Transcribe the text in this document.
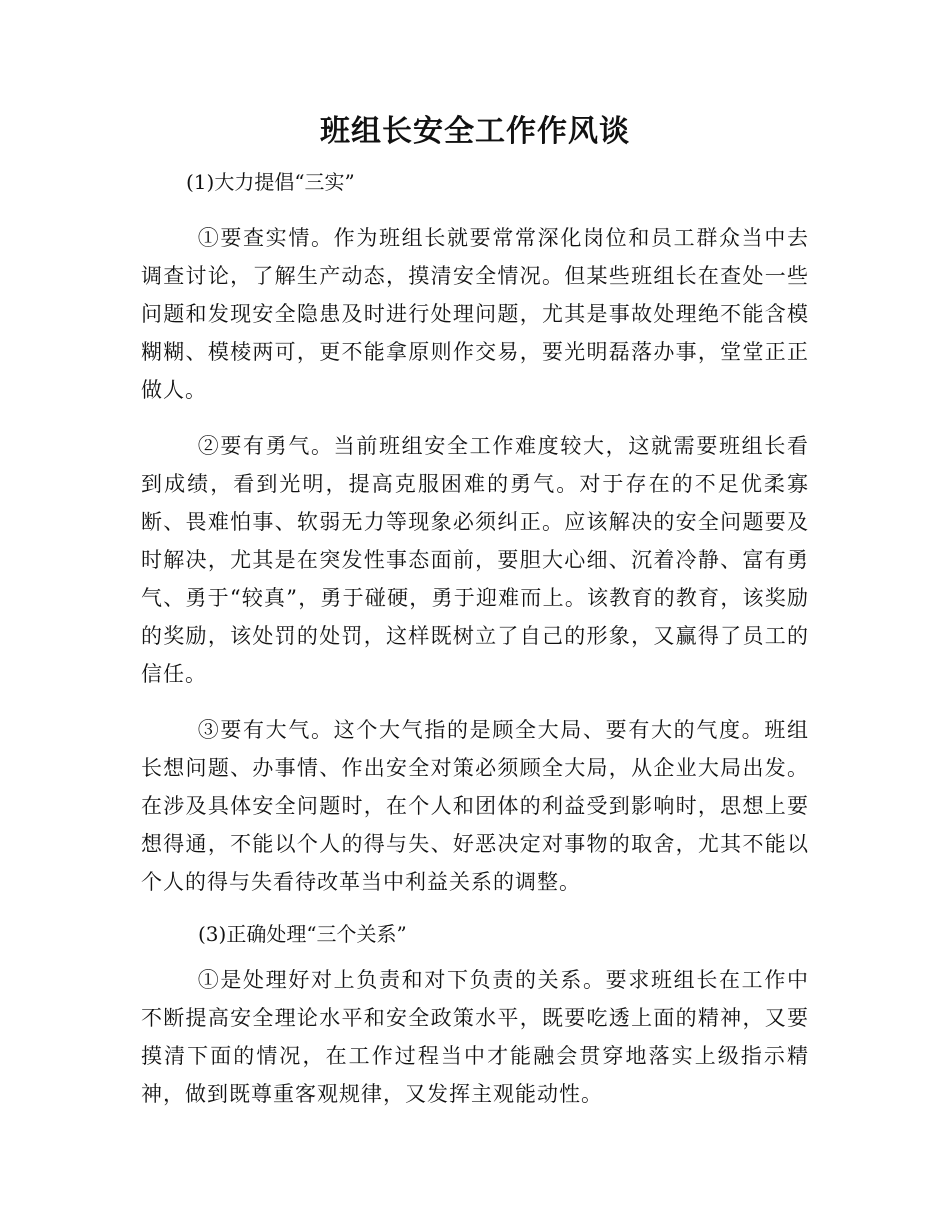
班组长安全工作作风谈

(1)大力提倡“三实”

①要查实情。作为班组长就要常常深化岗位和员工群众当中去调查讨论，了解生产动态，摸清安全情况。但某些班组长在查处一些问题和发现安全隐患及时进行处理问题，尤其是事故处理绝不能含模糊糊、模棱两可，更不能拿原则作交易，要光明磊落办事，堂堂正正做人。

②要有勇气。当前班组安全工作难度较大，这就需要班组长看到成绩，看到光明，提高克服困难的勇气。对于存在的不足优柔寡断、畏难怕事、软弱无力等现象必须纠正。应该解决的安全问题要及时解决，尤其是在突发性事态面前，要胆大心细、沉着冷静、富有勇气、勇于“较真”，勇于碰硬，勇于迎难而上。该教育的教育，该奖励的奖励，该处罚的处罚，这样既树立了自己的形象，又赢得了员工的信任。

③要有大气。这个大气指的是顾全大局、要有大的气度。班组长想问题、办事情、作出安全对策必须顾全大局，从企业大局出发。在涉及具体安全问题时，在个人和团体的利益受到影响时，思想上要想得通，不能以个人的得与失、好恶决定对事物的取舍，尤其不能以个人的得与失看待改革当中利益关系的调整。

(3)正确处理“三个关系”

①是处理好对上负责和对下负责的关系。要求班组长在工作中不断提高安全理论水平和安全政策水平，既要吃透上面的精神，又要摸清下面的情况，在工作过程当中才能融会贯穿地落实上级指示精神，做到既尊重客观规律，又发挥主观能动性。
